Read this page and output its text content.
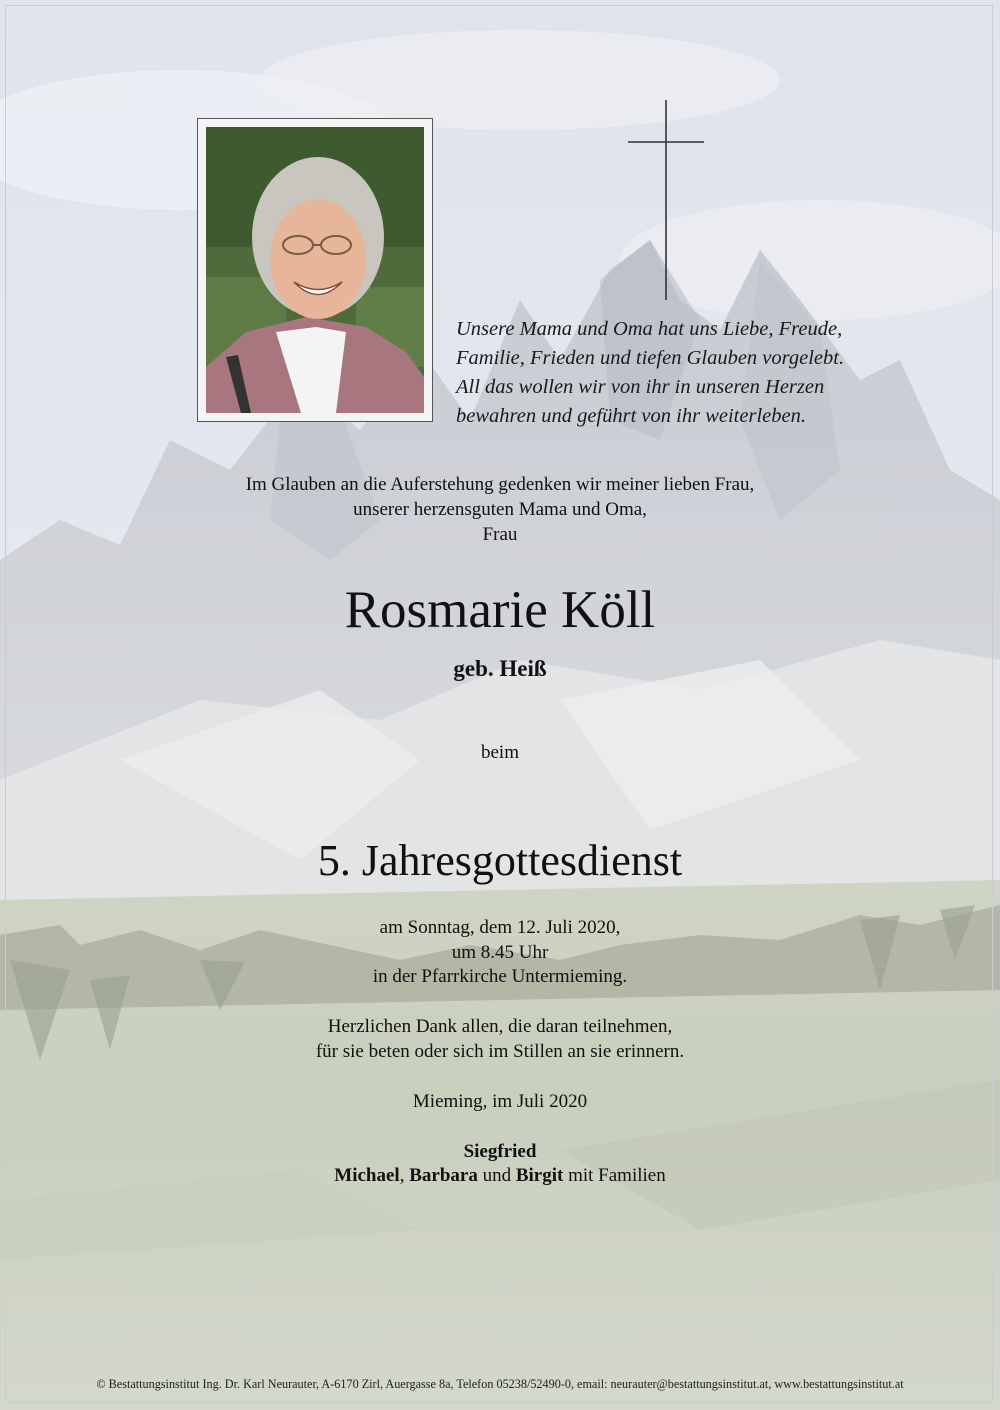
Unsere Mama und Oma hat uns Liebe, Freude,
Familie, Frieden und tiefen Glauben vorgelebt.
All das wollen wir von ihr in unseren Herzen
bewahren und geführt von ihr weiterleben.
Im Glauben an die Auferstehung gedenken wir meiner lieben Frau,
unserer herzensguten Mama und Oma,
Frau
Rosmarie Köll
geb. Heiß
beim
5. Jahresgottesdienst
am Sonntag, dem 12. Juli 2020,
um 8.45 Uhr
in der Pfarrkirche Untermieming.
Herzlichen Dank allen, die daran teilnehmen,
für sie beten oder sich im Stillen an sie erinnern.
Mieming, im Juli 2020
Siegfried
Michael, Barbara und Birgit mit Familien
© Bestattungsinstitut Ing. Dr. Karl Neurauter, A-6170 Zirl, Auergasse 8a, Telefon 05238/52490-0, email: neurauter@bestattungsinstitut.at, www.bestattungsinstitut.at
